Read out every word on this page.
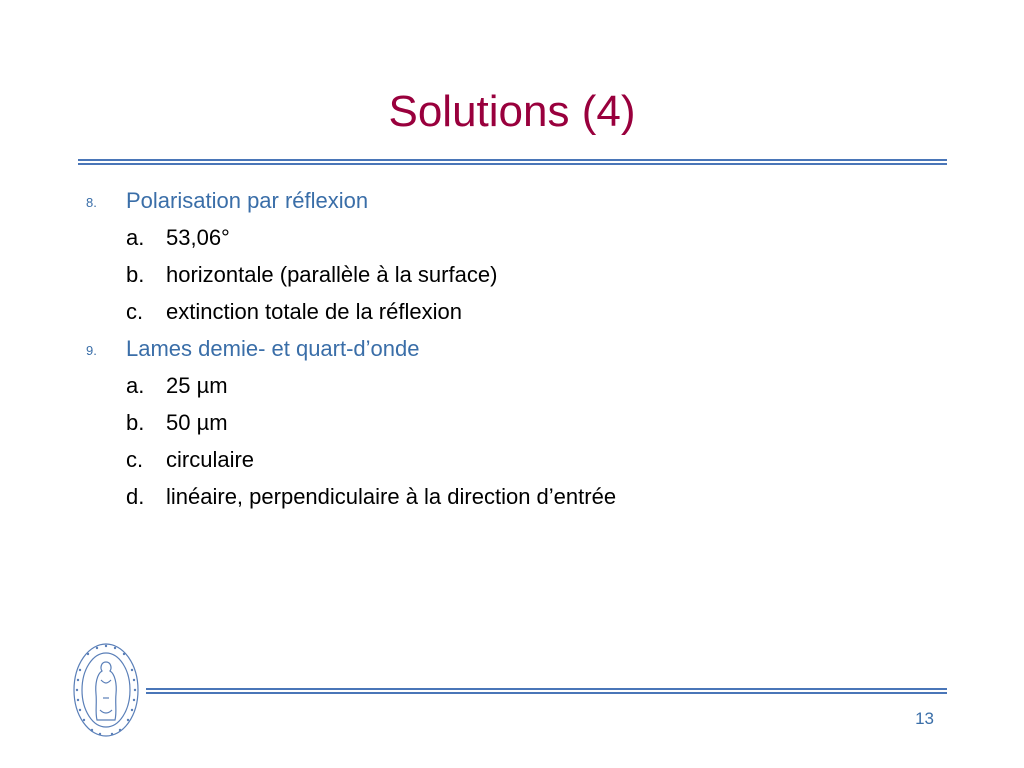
Solutions (4)
8. Polarisation par réflexion
a. 53,06°
b. horizontale (parallèle à la surface)
c. extinction totale de la réflexion
9. Lames demie- et quart-d’onde
a. 25 µm
b. 50 µm
c. circulaire
d. linéaire, perpendiculaire à la direction d’entrée
13
